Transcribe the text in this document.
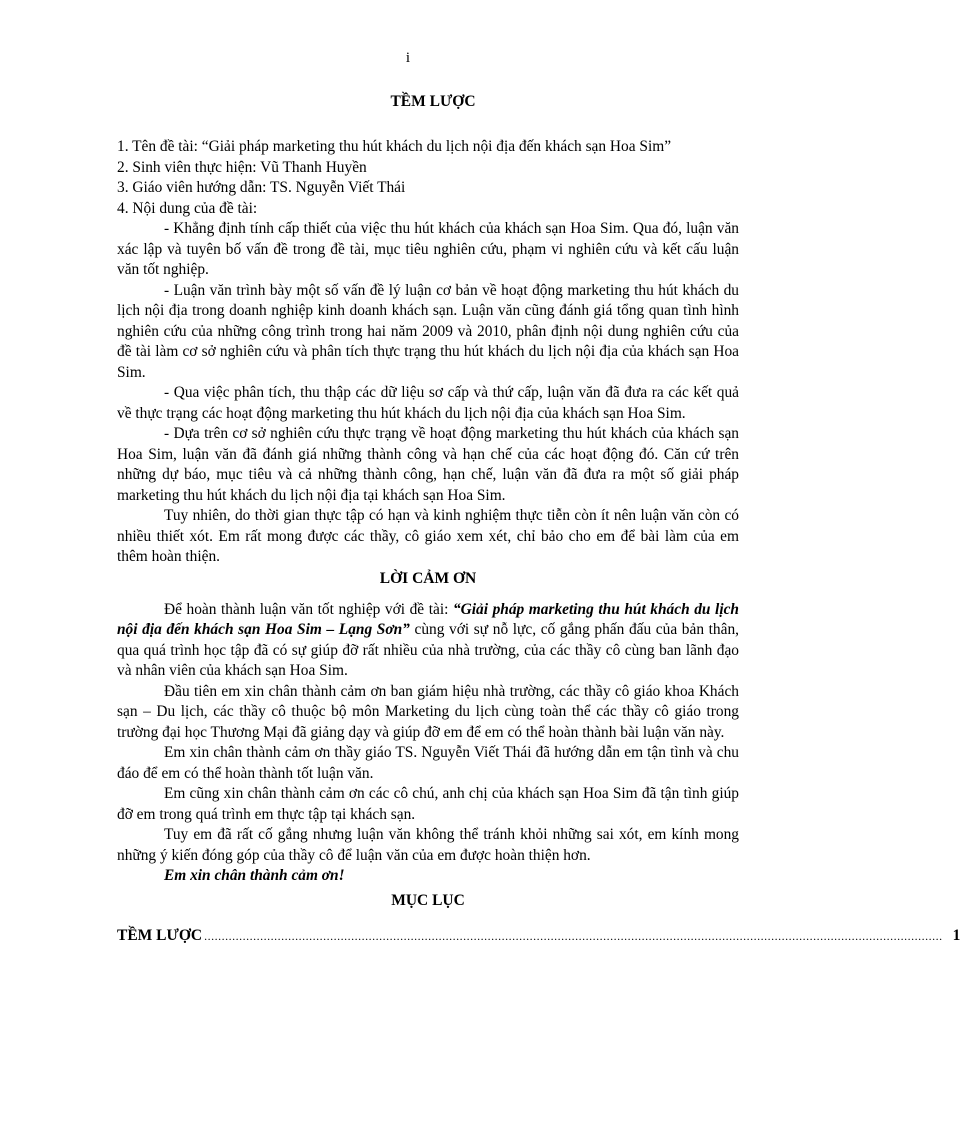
i
TỀM LƯỢC

1. Tên đề tài: “Giải pháp marketing thu hút khách du lịch nội địa đến khách sạn Hoa Sim”

2. Sinh viên thực hiện: Vũ Thanh Huyền

3. Giáo viên hướng dẫn: TS. Nguyễn Viết Thái

4. Nội dung của đề tài:

- Khẳng định tính cấp thiết của việc thu hút khách của khách sạn Hoa Sim. Qua đó, luận văn xác lập và tuyên bố vấn đề trong đề tài, mục tiêu nghiên cứu, phạm vi nghiên cứu và kết cấu luận văn tốt nghiệp.

- Luận văn trình bày một số vấn đề lý luận cơ bản về hoạt động marketing thu hút khách du lịch nội địa trong doanh nghiệp kinh doanh khách sạn. Luận văn cũng đánh giá tổng quan tình hình nghiên cứu của những công trình trong hai năm 2009 và 2010, phân định nội dung nghiên cứu của đề tài làm cơ sở nghiên cứu và phân tích thực trạng thu hút khách du lịch nội địa của khách sạn Hoa Sim.

- Qua việc phân tích, thu thập các dữ liệu sơ cấp và thứ cấp, luận văn đã đưa ra các kết quả về thực trạng các hoạt động marketing thu hút khách du lịch nội địa của khách sạn Hoa Sim.

- Dựa trên cơ sở nghiên cứu thực trạng về hoạt động marketing thu hút khách của khách sạn Hoa Sim, luận văn đã đánh giá những thành công và hạn chế của các hoạt động đó. Căn cứ trên những dự báo, mục tiêu và cả những thành công, hạn chế, luận văn đã đưa ra một số giải pháp marketing thu hút khách du lịch nội địa tại khách sạn Hoa Sim.

Tuy nhiên, do thời gian thực tập có hạn và kinh nghiệm thực tiễn còn ít nên luận văn còn có nhiều thiết xót. Em rất mong được các thầy, cô giáo xem xét, chỉ bảo cho em để bài làm của em thêm hoàn thiện.

LỜI CẢM ƠN

Để hoàn thành luận văn tốt nghiệp với đề tài: “Giải pháp marketing thu hút khách du lịch nội địa đến khách sạn Hoa Sim – Lạng Sơn” cùng với sự nỗ lực, cố gắng phấn đấu của bản thân, qua quá trình học tập đã có sự giúp đỡ rất nhiều của nhà trường, của các thầy cô cùng ban lãnh đạo và nhân viên của khách sạn Hoa Sim.

Đầu tiên em xin chân thành cảm ơn ban giám hiệu nhà trường, các thầy cô giáo khoa Khách sạn – Du lịch, các thầy cô thuộc bộ môn Marketing du lịch cùng toàn thể các thầy cô giáo trong trường đại học Thương Mại đã giảng dạy và giúp đỡ em để em có thể hoàn thành bài luận văn này.

Em xin chân thành cảm ơn thầy giáo TS. Nguyễn Viết Thái đã hướng dẫn em tận tình và chu đáo để em có thể hoàn thành tốt luận văn.

Em cũng xin chân thành cảm ơn các cô chú, anh chị của khách sạn Hoa Sim đã tận tình giúp đỡ em trong quá trình em thực tập tại khách sạn.

Tuy em đã rất cố gắng nhưng luận văn không thể tránh khỏi những sai xót, em kính mong những ý kiến đóng góp của thầy cô để luận văn của em được hoàn thiện hơn.

Em xin chân thành cảm ơn!

MỤC LỤC
TỀM LƯỢC ................................................................................................................................................................................................................... 1
